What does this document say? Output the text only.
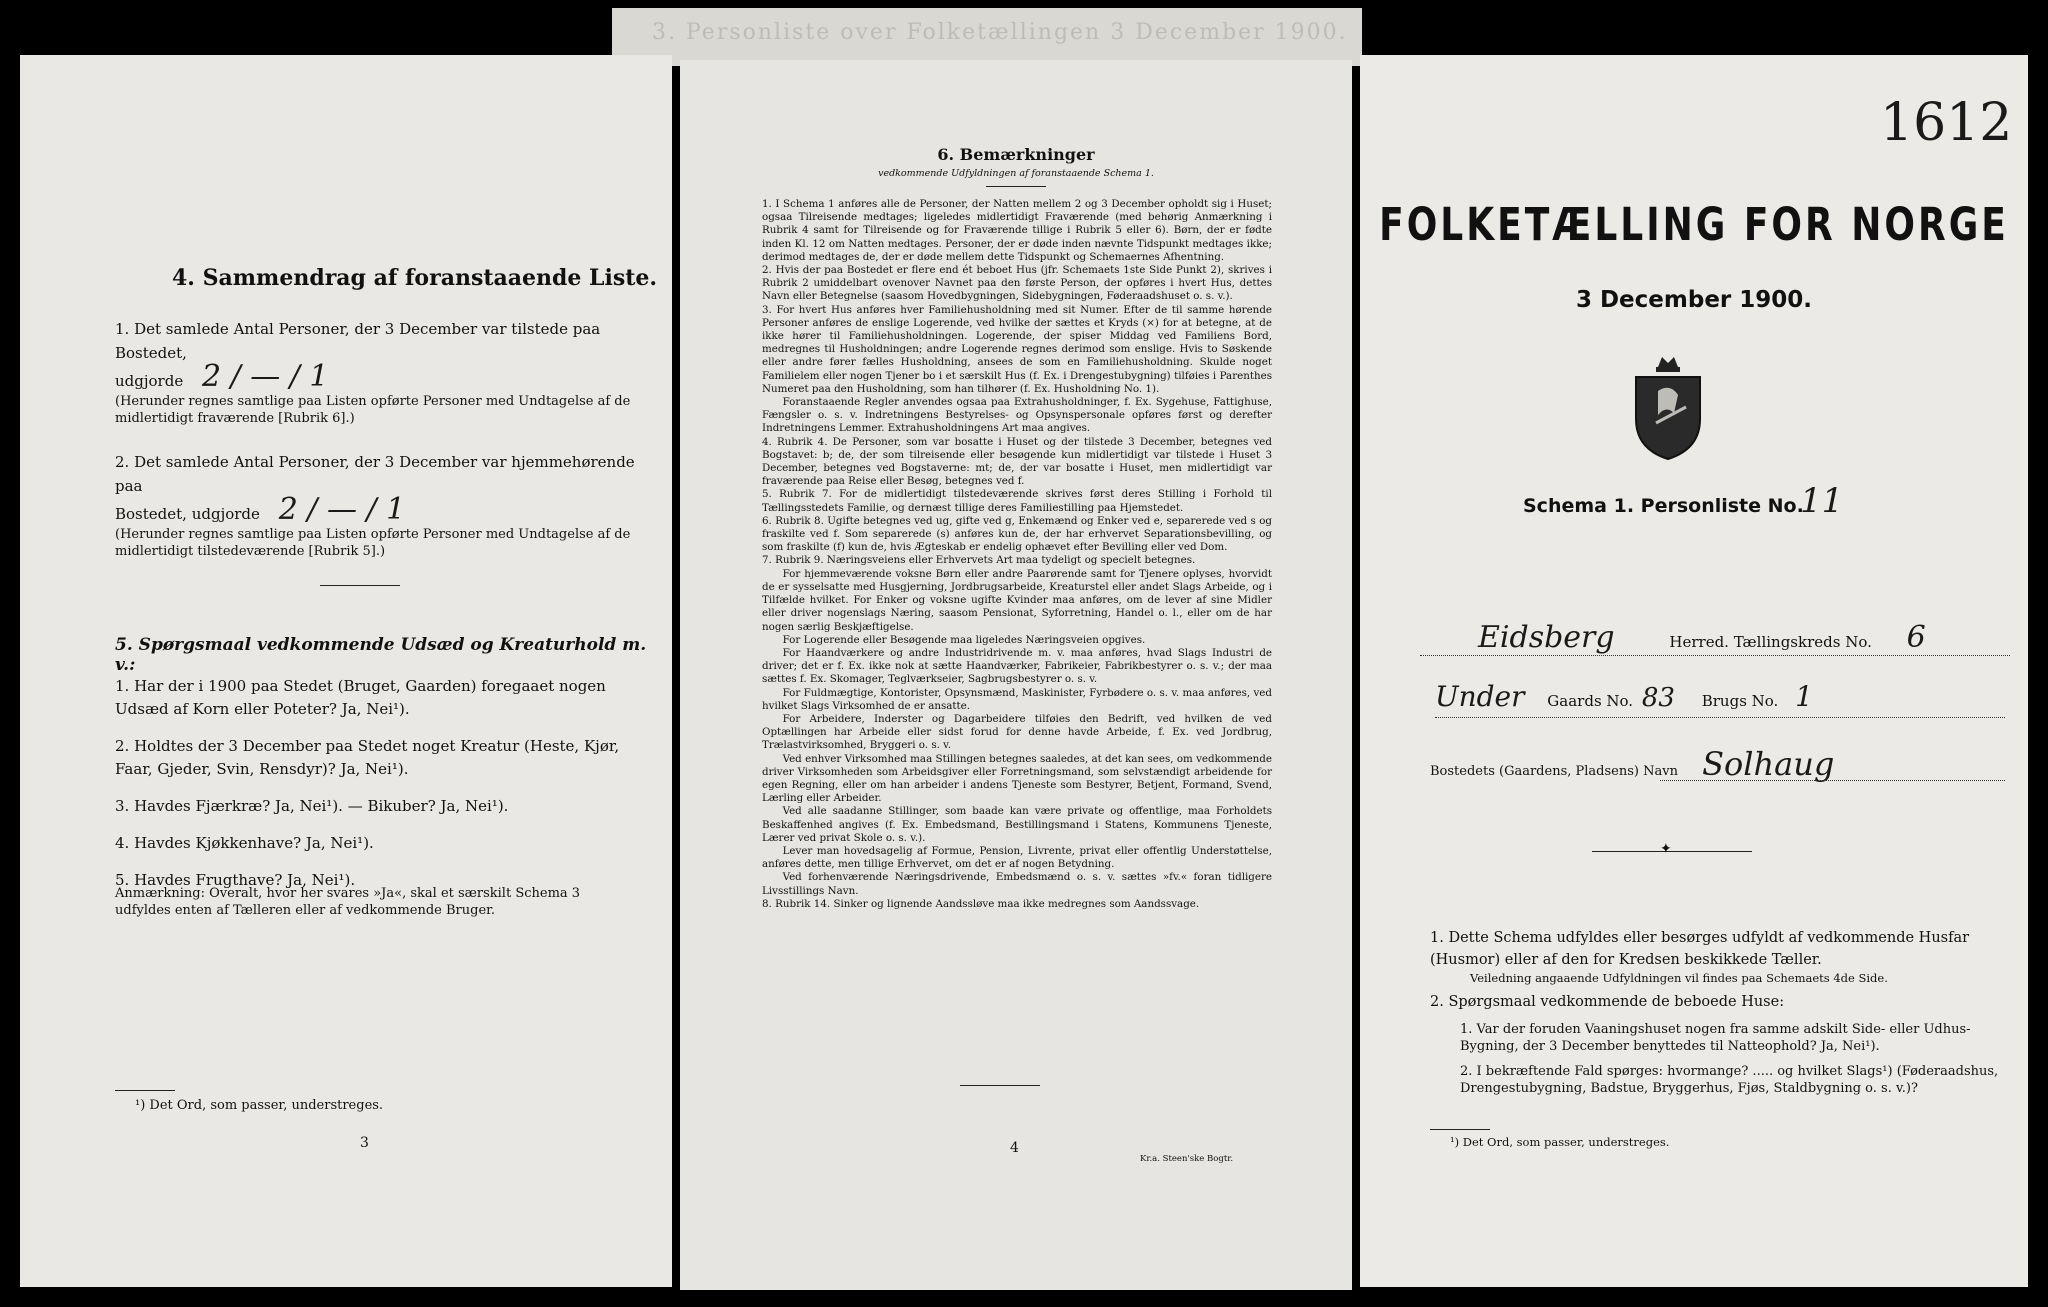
3. Personliste over Folketællingen 3 December 1900.
4. Sammendrag af foranstaaende Liste.
1. Det samlede Antal Personer, der 3 December var tilstede paa Bostedet,
udgjorde 2 / — / 1
(Herunder regnes samtlige paa Listen opførte Personer med Undtagelse af de midlertidigt fraværende [Rubrik 6].)
2. Det samlede Antal Personer, der 3 December var hjemmehørende paa
Bostedet, udgjorde 2 / — / 1
(Herunder regnes samtlige paa Listen opførte Personer med Undtagelse af de midlertidigt tilstedeværende [Rubrik 5].)
5. Spørgsmaal vedkommende Udsæd og Kreaturhold m. v.:
1. Har der i 1900 paa Stedet (Bruget, Gaarden) foregaaet nogen Udsæd af Korn eller Poteter? Ja, Nei¹).
2. Holdtes der 3 December paa Stedet noget Kreatur (Heste, Kjør, Faar, Gjeder, Svin, Rensdyr)? Ja, Nei¹).
3. Havdes Fjærkræ? Ja, Nei¹). — Bikuber? Ja, Nei¹).
4. Havdes Kjøkkenhave? Ja, Nei¹).
5. Havdes Frugthave? Ja, Nei¹).
Anmærkning: Overalt, hvor her svares »Ja«, skal et særskilt Schema 3 udfyldes enten af Tælleren eller af vedkommende Bruger.
¹) Det Ord, som passer, understreges.
3
6. Bemærkninger
vedkommende Udfyldningen af foranstaaende Schema 1.

1. I Schema 1 anføres alle de Personer, der Natten mellem 2 og 3 December opholdt sig i Huset; ogsaa Tilreisende medtages; ligeledes midlertidigt Fraværende (med behørig Anmærkning i Rubrik 4 samt for Tilreisende og for Fraværende tillige i Rubrik 5 eller 6). Børn, der er fødte inden Kl. 12 om Natten medtages. Personer, der er døde inden nævnte Tidspunkt medtages ikke; derimod medtages de, der er døde mellem dette Tidspunkt og Schemaernes Afhentning.

2. Hvis der paa Bostedet er flere end ét beboet Hus (jfr. Schemaets 1ste Side Punkt 2), skrives i Rubrik 2 umiddelbart ovenover Navnet paa den første Person, der opføres i hvert Hus, dettes Navn eller Betegnelse (saasom Hovedbygningen, Sidebygningen, Føderaadshuset o. s. v.).

3. For hvert Hus anføres hver Familiehusholdning med sit Numer. Efter de til samme hørende Personer anføres de enslige Logerende, ved hvilke der sættes et Kryds (×) for at betegne, at de ikke hører til Familiehusholdningen. Logerende, der spiser Middag ved Familiens Bord, medregnes til Husholdningen; andre Logerende regnes derimod som enslige. Hvis to Søskende eller andre fører fælles Husholdning, ansees de som en Familiehusholdning. Skulde noget Familielem eller nogen Tjener bo i et særskilt Hus (f. Ex. i Drengestubygning) tilføies i Parenthes Numeret paa den Husholdning, som han tilhører (f. Ex. Husholdning No. 1).

Foranstaaende Regler anvendes ogsaa paa Extrahusholdninger, f. Ex. Sygehuse, Fattighuse, Fængsler o. s. v. Indretningens Bestyrelses- og Opsynspersonale opføres først og derefter Indretningens Lemmer. Extrahusholdningens Art maa angives.

4. Rubrik 4. De Personer, som var bosatte i Huset og der tilstede 3 December, betegnes ved Bogstavet: b; de, der som tilreisende eller besøgende kun midlertidigt var tilstede i Huset 3 December, betegnes ved Bogstaverne: mt; de, der var bosatte i Huset, men midlertidigt var fraværende paa Reise eller Besøg, betegnes ved f.

5. Rubrik 7. For de midlertidigt tilstedeværende skrives først deres Stilling i Forhold til Tællingsstedets Familie, og dernæst tillige deres Familiestilling paa Hjemstedet.

6. Rubrik 8. Ugifte betegnes ved ug, gifte ved g, Enkemænd og Enker ved e, separerede ved s og fraskilte ved f. Som separerede (s) anføres kun de, der har erhvervet Separationsbevilling, og som fraskilte (f) kun de, hvis Ægteskab er endelig ophævet efter Bevilling eller ved Dom.

7. Rubrik 9. Næringsveiens eller Erhvervets Art maa tydeligt og specielt betegnes.

For hjemmeværende voksne Børn eller andre Paarørende samt for Tjenere oplyses, hvorvidt de er sysselsatte med Husgjerning, Jordbrugsarbeide, Kreaturstel eller andet Slags Arbeide, og i Tilfælde hvilket. For Enker og voksne ugifte Kvinder maa anføres, om de lever af sine Midler eller driver nogenslags Næring, saasom Pensionat, Syforretning, Handel o. l., eller om de har nogen særlig Beskjæftigelse.

For Logerende eller Besøgende maa ligeledes Næringsveien opgives.

For Haandværkere og andre Industridrivende m. v. maa anføres, hvad Slags Industri de driver; det er f. Ex. ikke nok at sætte Haandværker, Fabrikeier, Fabrikbestyrer o. s. v.; der maa sættes f. Ex. Skomager, Teglværkseier, Sagbrugsbestyrer o. s. v.

For Fuldmægtige, Kontorister, Opsynsmænd, Maskinister, Fyrbødere o. s. v. maa anføres, ved hvilket Slags Virksomhed de er ansatte.

For Arbeidere, Inderster og Dagarbeidere tilføies den Bedrift, ved hvilken de ved Optællingen har Arbeide eller sidst forud for denne havde Arbeide, f. Ex. ved Jordbrug, Trælastvirksomhed, Bryggeri o. s. v.

Ved enhver Virksomhed maa Stillingen betegnes saaledes, at det kan sees, om vedkommende driver Virksomheden som Arbeidsgiver eller Forretningsmand, som selvstændigt arbeidende for egen Regning, eller om han arbeider i andens Tjeneste som Bestyrer, Betjent, Formand, Svend, Lærling eller Arbeider.

Ved alle saadanne Stillinger, som baade kan være private og offentlige, maa Forholdets Beskaffenhed angives (f. Ex. Embedsmand, Bestillingsmand i Statens, Kommunens Tjeneste, Lærer ved privat Skole o. s. v.).

Lever man hovedsagelig af Formue, Pension, Livrente, privat eller offentlig Understøttelse, anføres dette, men tillige Erhvervet, om det er af nogen Betydning.

Ved forhenværende Næringsdrivende, Embedsmænd o. s. v. sættes »fv.« foran tidligere Livsstillings Navn.

8. Rubrik 14. Sinker og lignende Aandssløve maa ikke medregnes som Aandssvage.

4
Kr.a. Steen'ske Bogtr.
1612
FOLKETÆLLING FOR NORGE
3 December 1900.
Schema 1. Personliste No.
11
Eidsberg	Herred. Tællingskreds No. 6
Under Gaards No. 83 Brugs No. 1
Bostedets (Gaardens, Pladsens) Navn Solhaug
✦
1. Dette Schema udfyldes eller besørges udfyldt af vedkommende Husfar (Husmor) eller af den for Kredsen beskikkede Tæller.
Veiledning angaaende Udfyldningen vil findes paa Schemaets 4de Side.
2. Spørgsmaal vedkommende de beboede Huse:
1. Var der foruden Vaaningshuset nogen fra samme adskilt Side- eller Udhus-Bygning, der 3 December benyttedes til Natteophold? Ja, Nei¹).
2. I bekræftende Fald spørges: hvormange? ..... og hvilket Slags¹) (Føderaadshus, Drengestubygning, Badstue, Bryggerhus, Fjøs, Staldbygning o. s. v.)?
¹) Det Ord, som passer, understreges.
